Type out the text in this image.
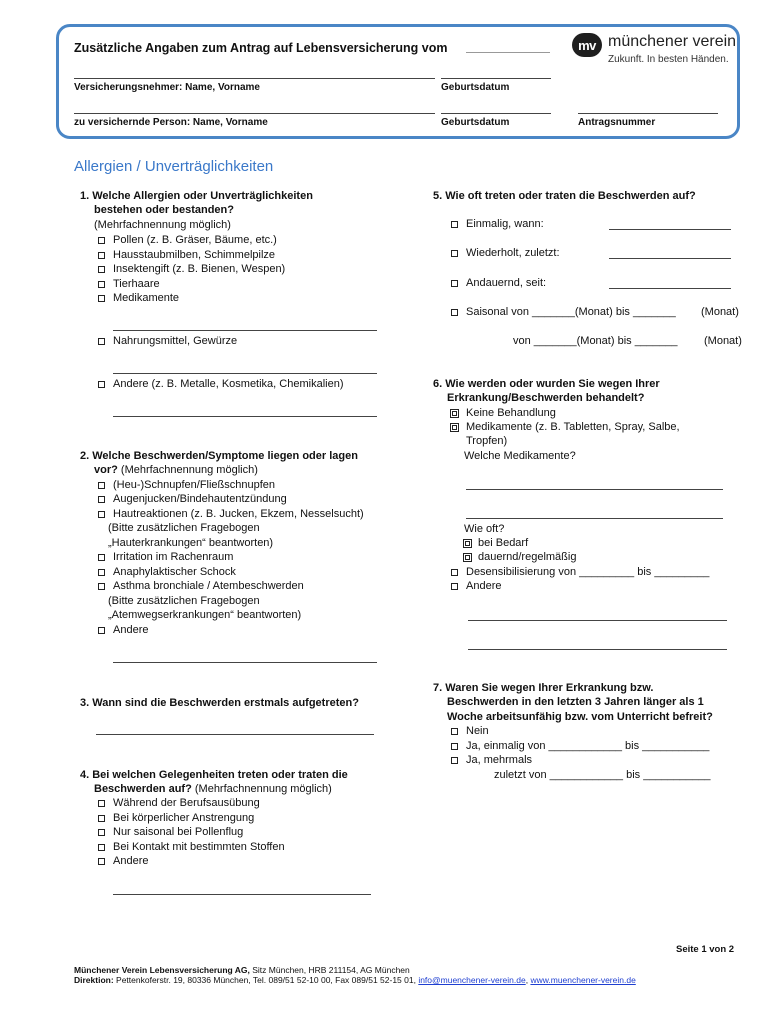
Zusätzliche Angaben zum Antrag auf Lebensversicherung vom
Versicherungsnehmer: Name, Vorname	Geburtsdatum
zu versichernde Person: Name, Vorname	Geburtsdatum	Antragsnummer
mv münchener verein
Zukunft. In besten Händen.
Allergien / Unverträglichkeiten
1. Welche Allergien oder Unverträglichkeiten
bestehen oder bestanden?
(Mehrfachnennung möglich)
Pollen (z. B. Gräser, Bäume, etc.)
Hausstaubmilben, Schimmelpilze
Insektengift (z. B. Bienen, Wespen)
Tierhaare
Medikamente
Nahrungsmittel, Gewürze
Andere (z. B. Metalle, Kosmetika, Chemikalien)
2. Welche Beschwerden/Symptome liegen oder lagen
vor? (Mehrfachnennung möglich)
(Heu-)Schnupfen/Fließschnupfen
Augenjucken/Bindehautentzündung
Hautreaktionen (z. B. Jucken, Ekzem, Nesselsucht)
(Bitte zusätzlichen Fragebogen
„Hauterkrankungen“ beantworten)
Irritation im Rachenraum
Anaphylaktischer Schock
Asthma bronchiale / Atembeschwerden
(Bitte zusätzlichen Fragebogen
„Atemwegserkrankungen“ beantworten)
Andere
3. Wann sind die Beschwerden erstmals aufgetreten?
4. Bei welchen Gelegenheiten treten oder traten die
Beschwerden auf? (Mehrfachnennung möglich)
Während der Berufsausübung
Bei körperlicher Anstrengung
Nur saisonal bei Pollenflug
Bei Kontakt mit bestimmten Stoffen
Andere
5. Wie oft treten oder traten die Beschwerden auf?
Einmalig, wann:
Wiederholt, zuletzt:
Andauernd, seit:
Saisonal von _______(Monat) bis _______ (Monat)
von _______(Monat) bis _______ (Monat)
6. Wie werden oder wurden Sie wegen Ihrer
Erkrankung/Beschwerden behandelt?
Keine Behandlung
Medikamente (z. B. Tabletten, Spray, Salbe,
Tropfen)
Welche Medikamente?
Wie oft?
bei Bedarf
dauernd/regelmäßig
Desensibilisierung von _________ bis _________
Andere
7. Waren Sie wegen Ihrer Erkrankung bzw.
Beschwerden in den letzten 3 Jahren länger als 1
Woche arbeitsunfähig bzw. vom Unterricht befreit?
Nein
Ja, einmalig von ____________ bis ___________
Ja, mehrmals
zuletzt von ____________ bis ___________
Seite 1 von 2
Münchener Verein Lebensversicherung AG, Sitz München, HRB 211154, AG München
Direktion: Pettenkoferstr. 19, 80336 München, Tel. 089/51 52-10 00, Fax 089/51 52-15 01, info@muenchener-verein.de, www.muenchener-verein.de
